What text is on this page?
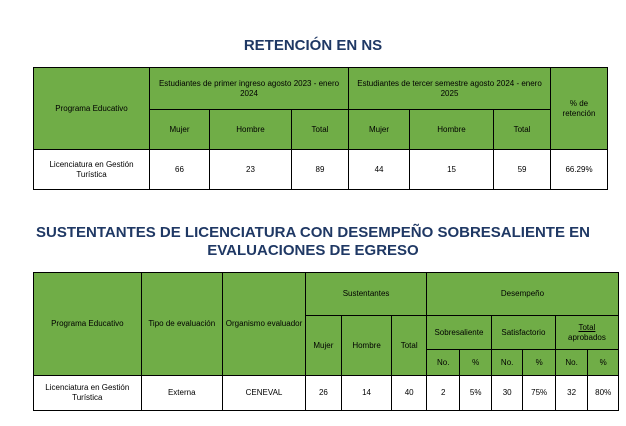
RETENCIÓN EN NS
Programa Educativo	Estudiantes de primer ingreso agosto 2023 - enero 2024			Estudiantes de tercer semestre agosto 2024 - enero 2025			% de retención
	Mujer	Hombre	Total	Mujer	Hombre	Total	
Licenciatura en Gestión Turística	66	23	89	44	15	59	66.29%
SUSTENTANTES DE LICENCIATURA CON DESEMPEÑO SOBRESALIENTE EN
EVALUACIONES DE EGRESO
Programa Educativo	Tipo de evaluación	Organismo evaluador	Sustentantes			Desempeño					
			Mujer	Hombre	Total	Sobresaliente		Satisfactorio		Total
aprobados	
						No.	%	No.	%	No.	%
Licenciatura en Gestión Turística	Externa	CENEVAL	26	14	40	2	5%	30	75%	32	80%
